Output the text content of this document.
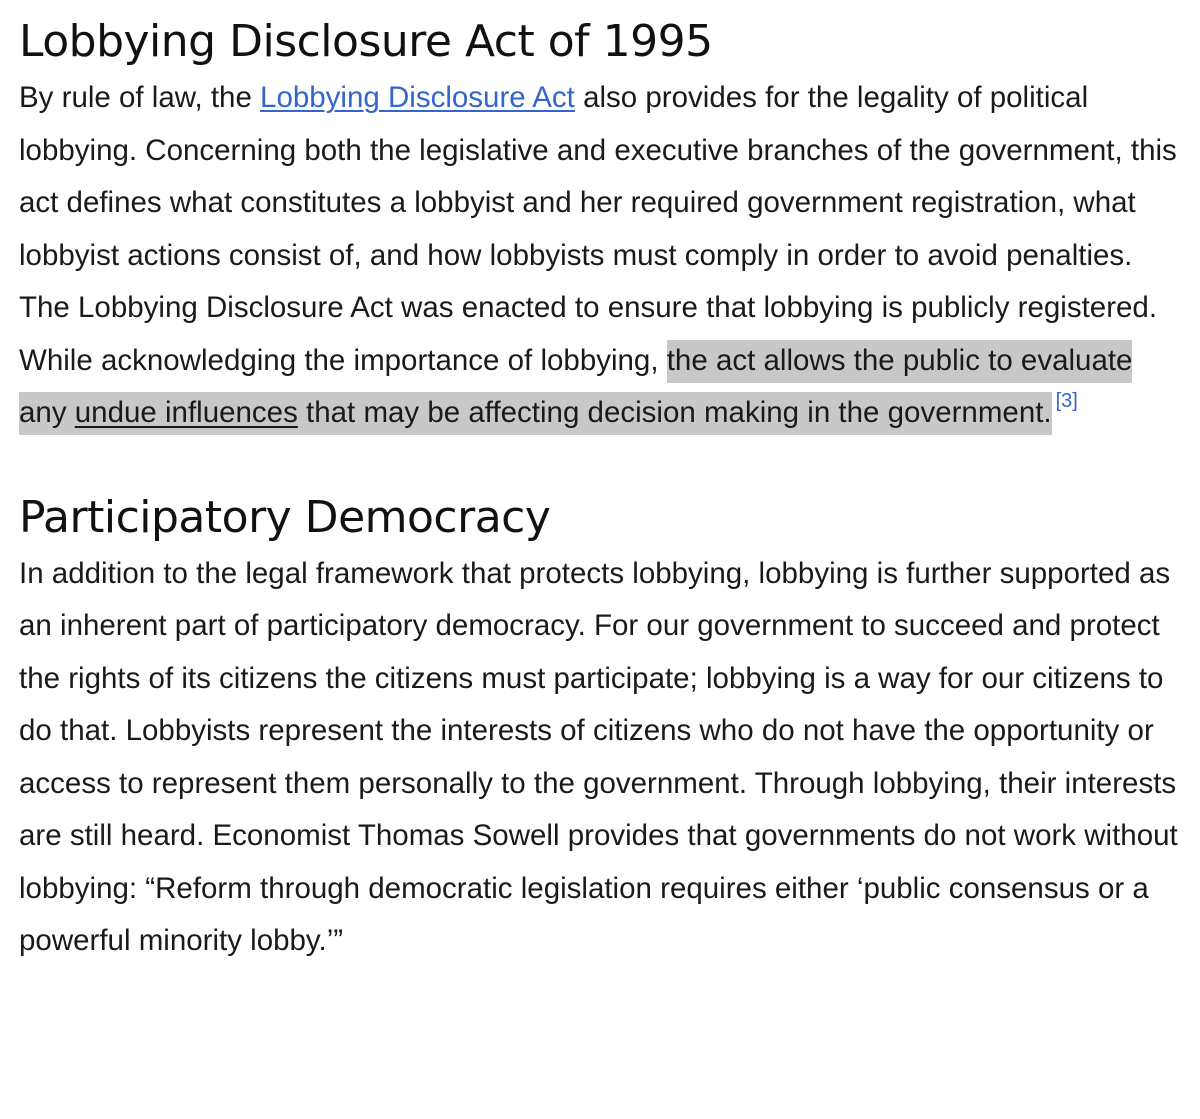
Lobbying Disclosure Act of 1995

By rule of law, the Lobbying Disclosure Act also provides for the legality of political lobbying. Concerning both the legislative and executive branches of the government, this act defines what constitutes a lobbyist and her required government registration, what lobbyist actions consist of, and how lobbyists must comply in order to avoid penalties. The Lobbying Disclosure Act was enacted to ensure that lobbying is publicly registered. While acknowledging the importance of lobbying, the act allows the public to evaluate any undue influences that may be affecting decision making in the government. [3]

Participatory Democracy

In addition to the legal framework that protects lobbying, lobbying is further supported as an inherent part of participatory democracy. For our government to succeed and protect the rights of its citizens the citizens must participate; lobbying is a way for our citizens to do that. Lobbyists represent the interests of citizens who do not have the opportunity or access to represent them personally to the government. Through lobbying, their interests are still heard. Economist Thomas Sowell provides that governments do not work without lobbying: “Reform through democratic legislation requires either ‘public consensus or a powerful minority lobby.’”
